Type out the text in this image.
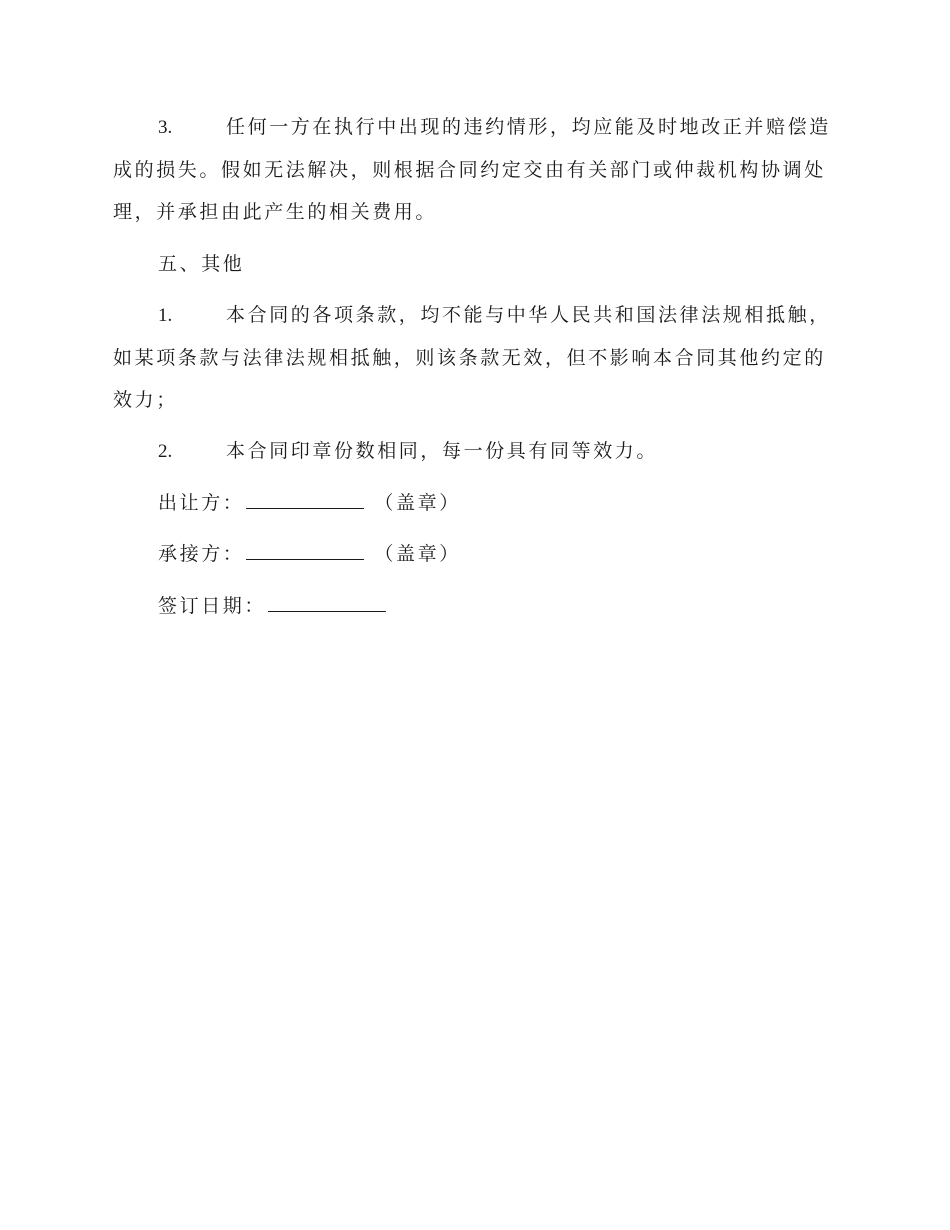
3.	任何一方在执行中出现的违约情形，均应能及时地改正并赔偿造
成的损失。假如无法解决，则根据合同约定交由有关部门或仲裁机构协调处
理，并承担由此产生的相关费用。
五、其他
1.	本合同的各项条款，均不能与中华人民共和国法律法规相抵触，
如某项条款与法律法规相抵触，则该条款无效，但不影响本合同其他约定的
效力；
2.	本合同印章份数相同，每一份具有同等效力。
出让方：	（盖章）
承接方：	（盖章）
签订日期：
